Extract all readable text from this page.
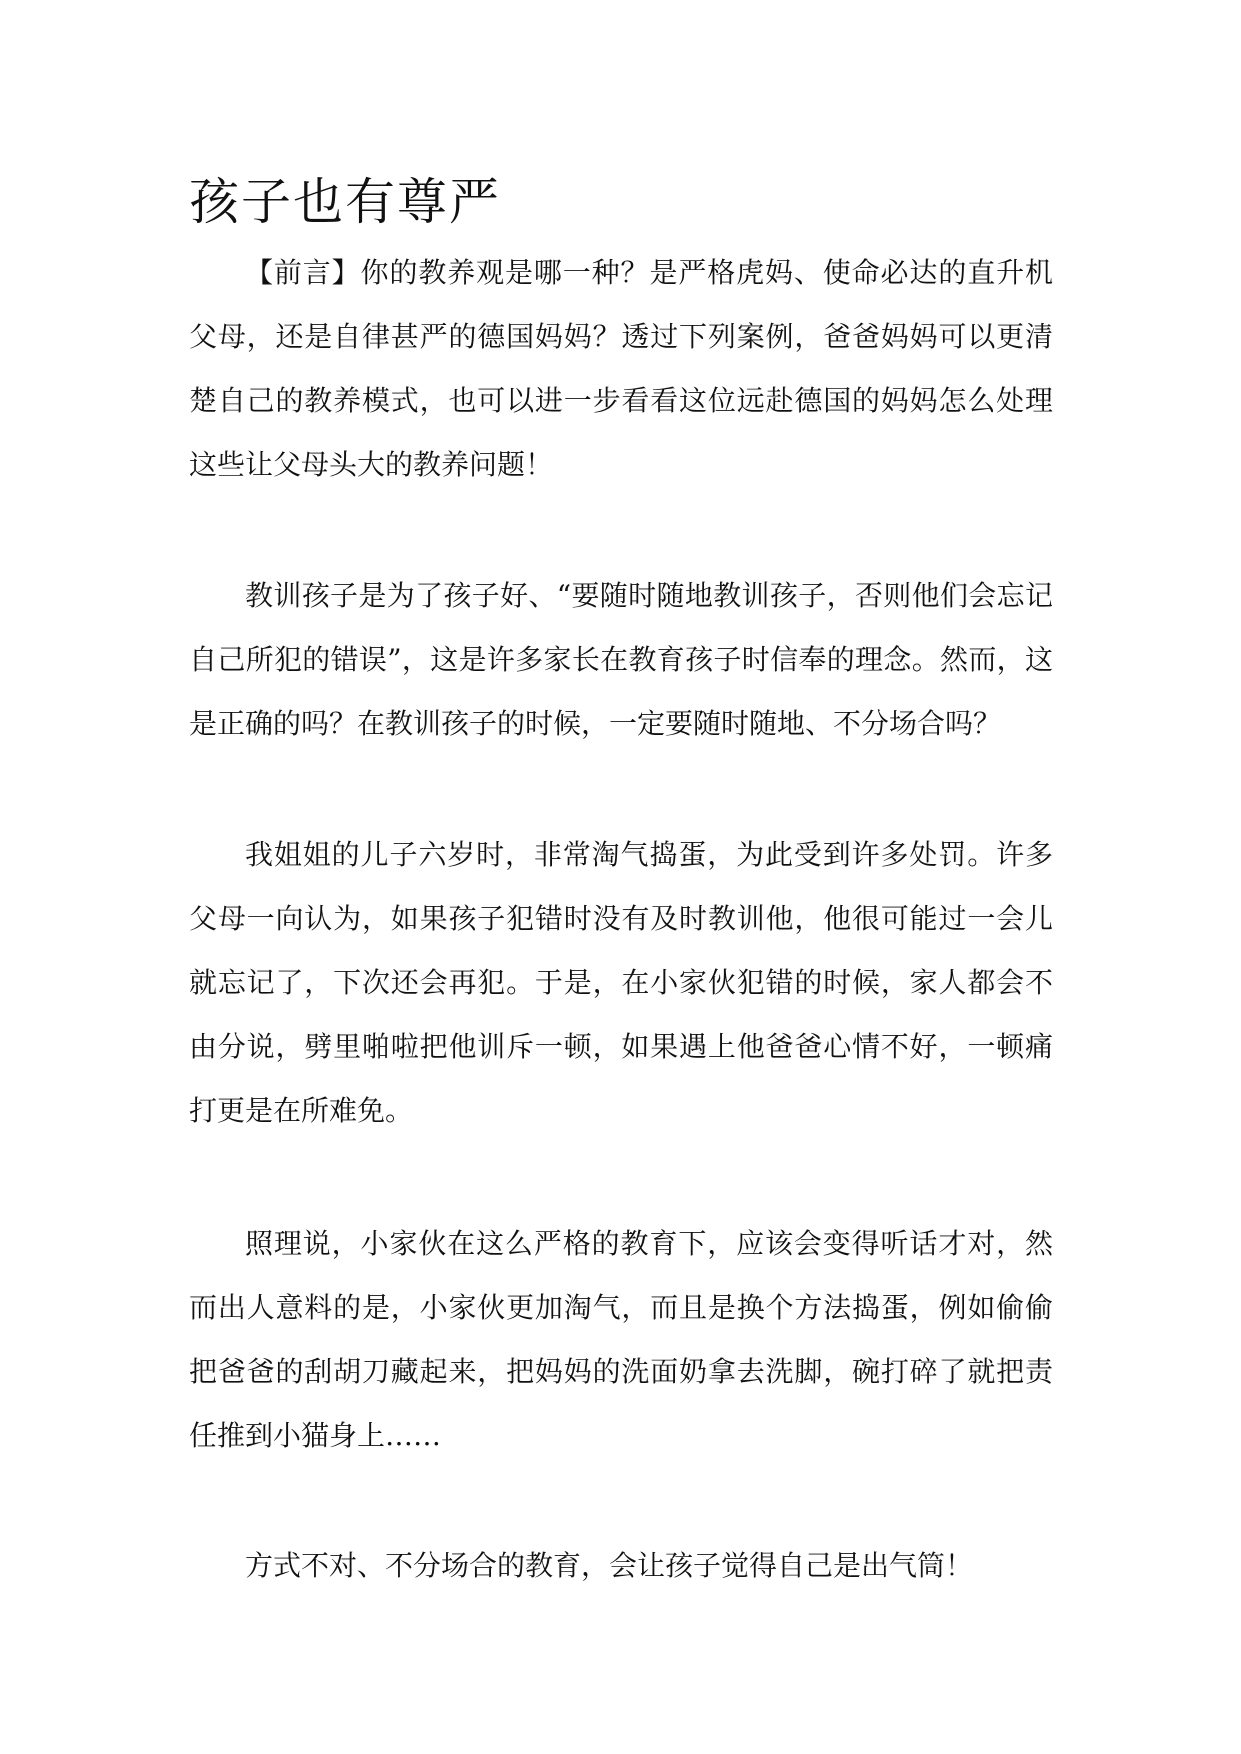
孩子也有尊严

【前言】你的教养观是哪一种？是严格虎妈、使命必达的直升机父母，还是自律甚严的德国妈妈？透过下列案例，爸爸妈妈可以更清楚自己的教养模式，也可以进一步看看这位远赴德国的妈妈怎么处理这些让父母头大的教养问题！

教训孩子是为了孩子好、“要随时随地教训孩子，否则他们会忘记自己所犯的错误”，这是许多家长在教育孩子时信奉的理念。然而，这是正确的吗？在教训孩子的时候，一定要随时随地、不分场合吗？

我姐姐的儿子六岁时，非常淘气捣蛋，为此受到许多处罚。许多父母一向认为，如果孩子犯错时没有及时教训他，他很可能过一会儿就忘记了，下次还会再犯。于是，在小家伙犯错的时候，家人都会不由分说，劈里啪啦把他训斥一顿，如果遇上他爸爸心情不好，一顿痛打更是在所难免。

照理说，小家伙在这么严格的教育下，应该会变得听话才对，然而出人意料的是，小家伙更加淘气，而且是换个方法捣蛋，例如偷偷把爸爸的刮胡刀藏起来，把妈妈的洗面奶拿去洗脚，碗打碎了就把责任推到小猫身上……

方式不对、不分场合的教育，会让孩子觉得自己是出气筒！
